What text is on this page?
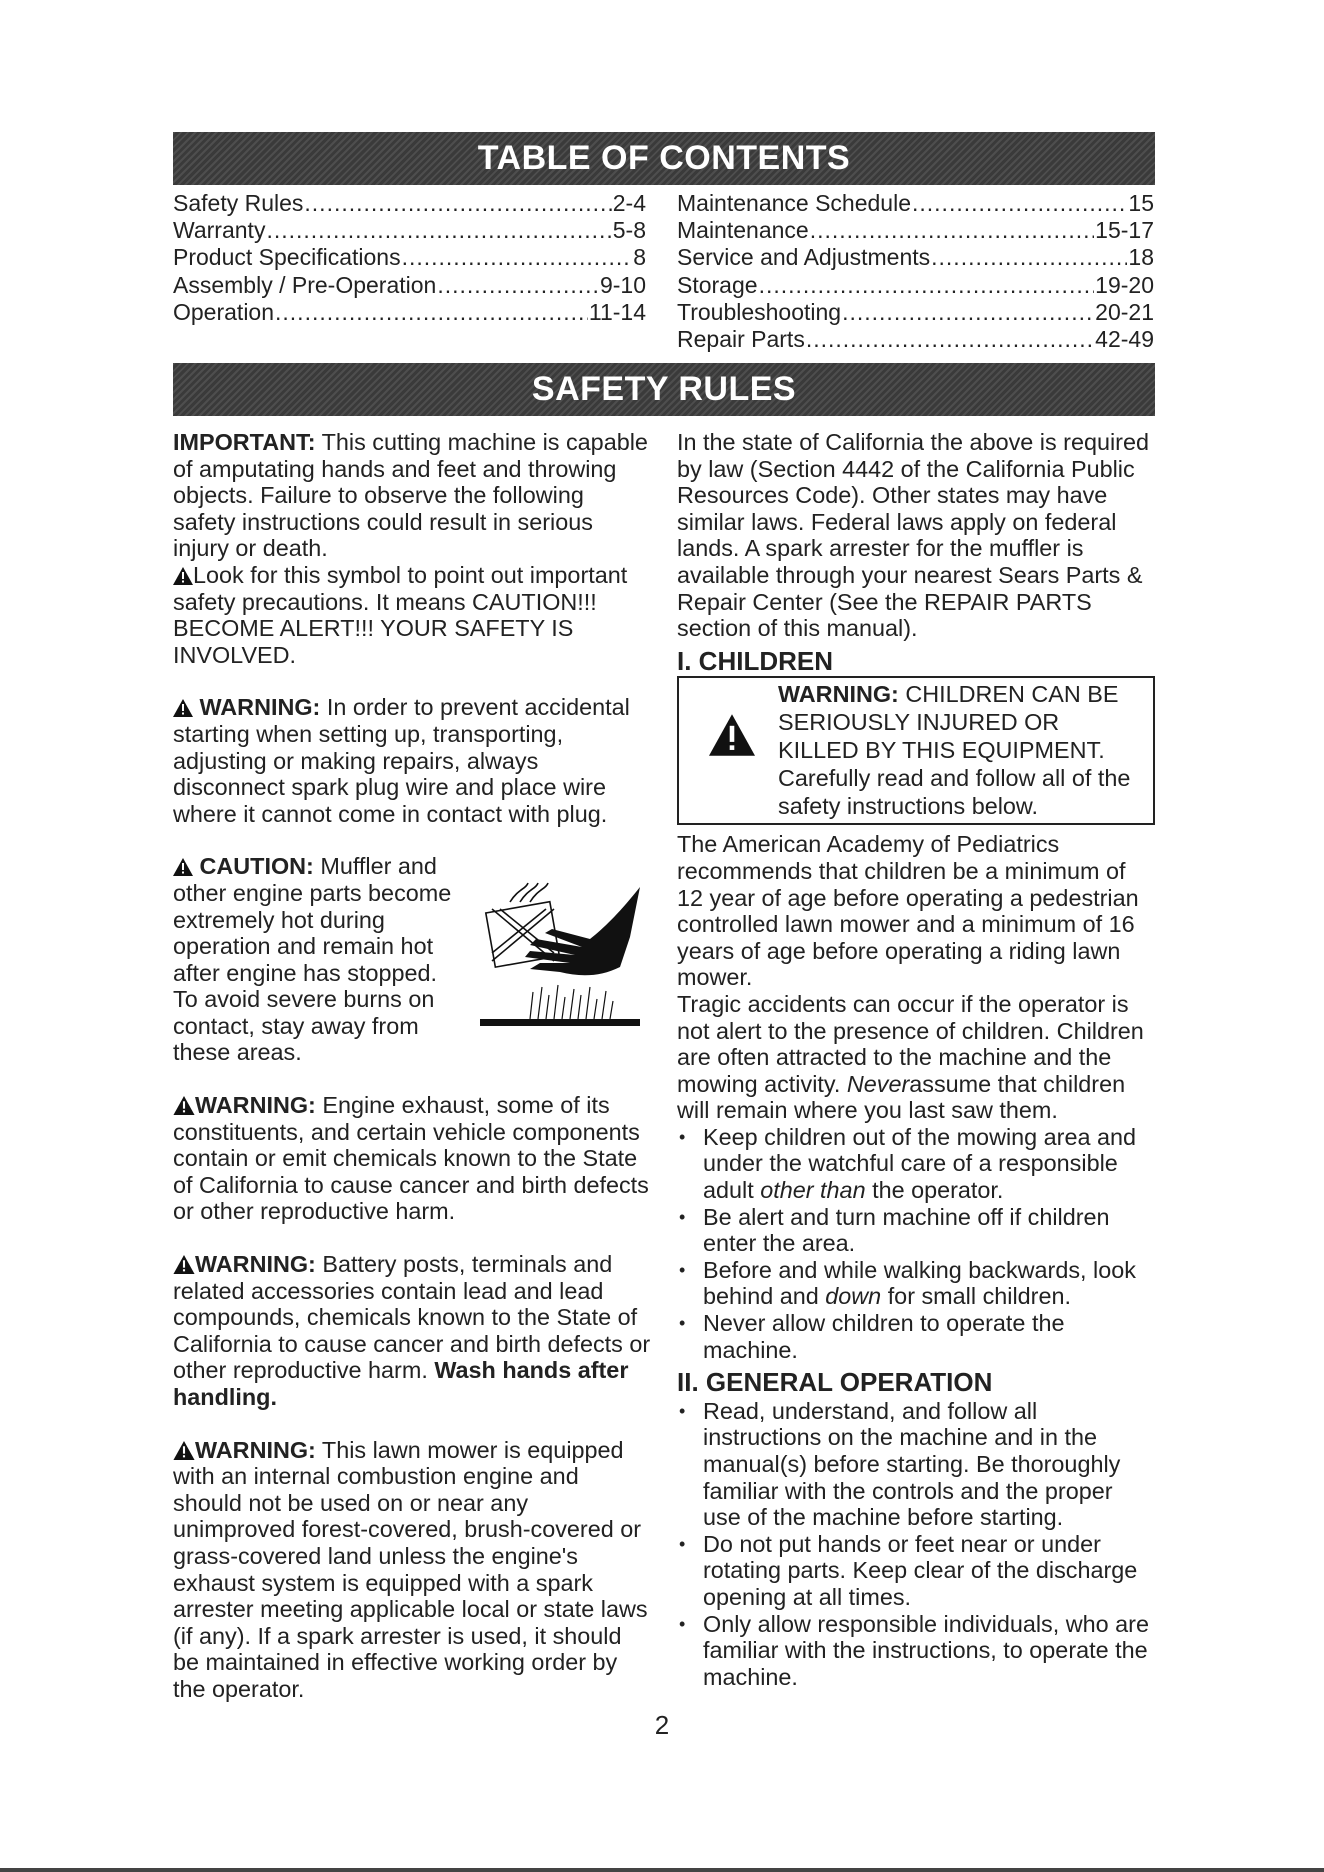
TABLE OF CONTENTS
Safety Rules .....	2-4
Warranty .....	5-8
Product Specifications .....	8
Assembly / Pre-Operation .....	9-10
Operation .....	11-14
Maintenance Schedule .....	15
Maintenance .....	15-17
Service and Adjustments .....	18
Storage .....	19-20
Troubleshooting .....	20-21
Repair Parts .....	42-49
SAFETY RULES

IMPORTANT: This cutting machine is capable of amputating hands and feet and throwing objects. Failure to observe the following safety instructions could result in serious injury or death.

Look for this symbol to point out important safety precautions. It means CAUTION!!! BECOME ALERT!!! YOUR SAFETY IS INVOLVED.

WARNING: In order to prevent accidental starting when setting up, transporting, adjusting or making repairs, always disconnect spark plug wire and place wire where it cannot come in contact with plug.

CAUTION: Muffler and other engine parts become extremely hot during operation and remain hot after engine has stopped. To avoid severe burns on contact, stay away from these areas.

WARNING: Engine exhaust, some of its constituents, and certain vehicle components contain or emit chemicals known to the State of California to cause cancer and birth defects or other reproductive harm.

WARNING: Battery posts, terminals and related accessories contain lead and lead compounds, chemicals known to the State of California to cause cancer and birth defects or other reproductive harm. Wash hands after handling.

WARNING: This lawn mower is equipped with an internal combustion engine and should not be used on or near any unimproved forest-covered, brush-covered or grass-covered land unless the engine's exhaust system is equipped with a spark arrester meeting applicable local or state laws (if any). If a spark arrester is used, it should be maintained in effective working order by the operator.

In the state of California the above is required by law (Section 4442 of the California Public Resources Code). Other states may have similar laws. Federal laws apply on federal lands. A spark arrester for the muffler is available through your nearest Sears Parts & Repair Center (See the REPAIR PARTS section of this manual).

I. CHILDREN
WARNING: CHILDREN CAN BE SERIOUSLY INJURED OR KILLED BY THIS EQUIPMENT. Carefully read and follow all of the safety instructions below.

The American Academy of Pediatrics recommends that children be a minimum of 12 year of age before operating a pedestrian controlled lawn mower and a minimum of 16 years of age before operating a riding lawn mower.

Tragic accidents can occur if the operator is not alert to the presence of children. Children are often attracted to the machine and the mowing activity. Neverassume that children will remain where you last saw them.

• Keep children out of the mowing area and under the watchful care of a responsible adult other than the operator.

• Be alert and turn machine off if children enter the area.

• Before and while walking backwards, look behind and down for small children.

• Never allow children to operate the machine.

II. GENERAL OPERATION

• Read, understand, and follow all instructions on the machine and in the manual(s) before starting. Be thoroughly familiar with the controls and the proper use of the machine before starting.

• Do not put hands or feet near or under rotating parts. Keep clear of the discharge opening at all times.

• Only allow responsible individuals, who are familiar with the instructions, to operate the machine.

2
